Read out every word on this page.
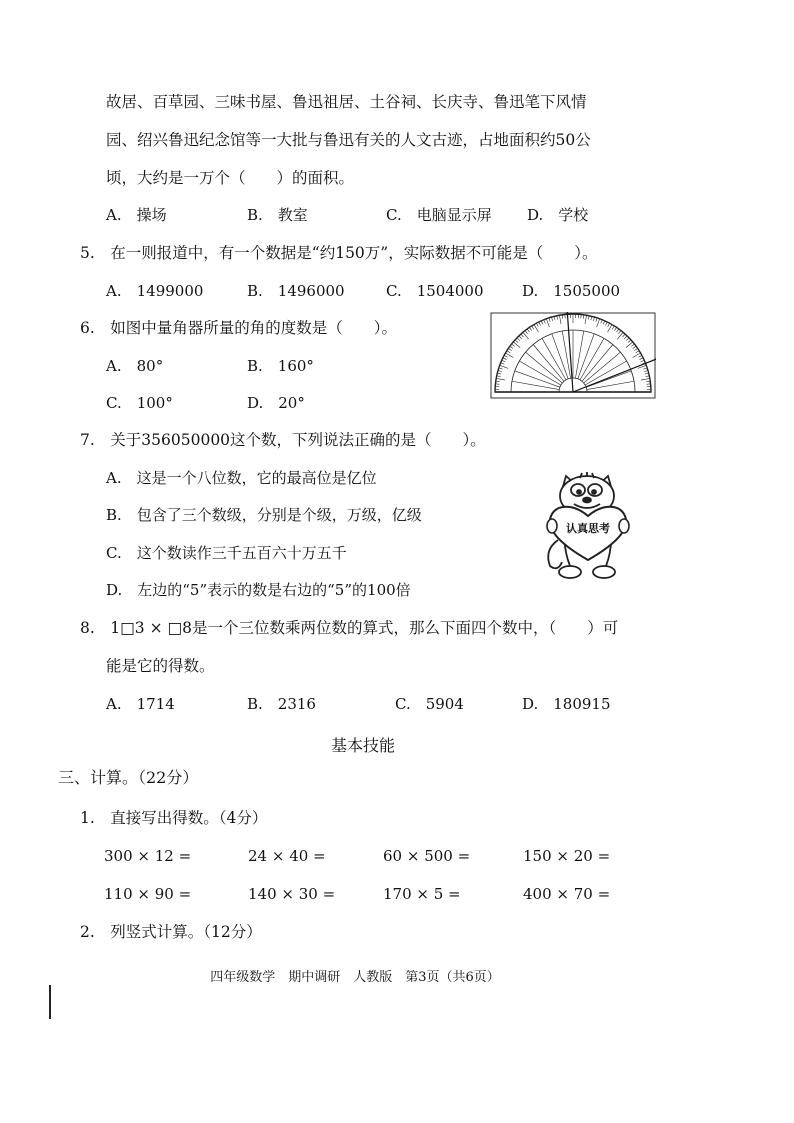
故居、百草园、三味书屋、鲁迅祖居、土谷祠、长庆寺、鲁迅笔下风情
园、绍兴鲁迅纪念馆等一大批与鲁迅有关的人文古迹，占地面积约50公
顷，大约是一万个（　　）的面积。
A.　操场	B.　教室	C.　电脑显示屏 D.　学校
5.　在一则报道中，有一个数据是“约150万”，实际数据不可能是（　　）。
A.　1499000	B.　1496000	C.　1504000	D.　1505000
6.　如图中量角器所量的角的度数是（　　）。
A.　80°	B.　160°
C.　100°	D.　20°
7.　关于356050000这个数，下列说法正确的是（　　）。
A.　这是一个八位数，它的最高位是亿位
B.　包含了三个数级，分别是个级，万级，亿级
C.　这个数读作三千五百六十万五千
D.　左边的“5”表示的数是右边的“5”的100倍
认真思考
8.　1□3 × □8是一个三位数乘两位数的算式，那么下面四个数中，（　　）可
能是它的得数。
A.　1714	B.　2316	C.　5904	D.　180915
基本技能
三、计算。（22分）
1.　直接写出得数。（4分）
300 × 12 =	24 × 40 =	60 × 500 =	150 × 20 =
110 × 90 =	140 × 30 =	170 × 5 =	400 × 70 =
2.　列竖式计算。（12分）
四年级数学　期中调研　人教版　第3页（共6页）
